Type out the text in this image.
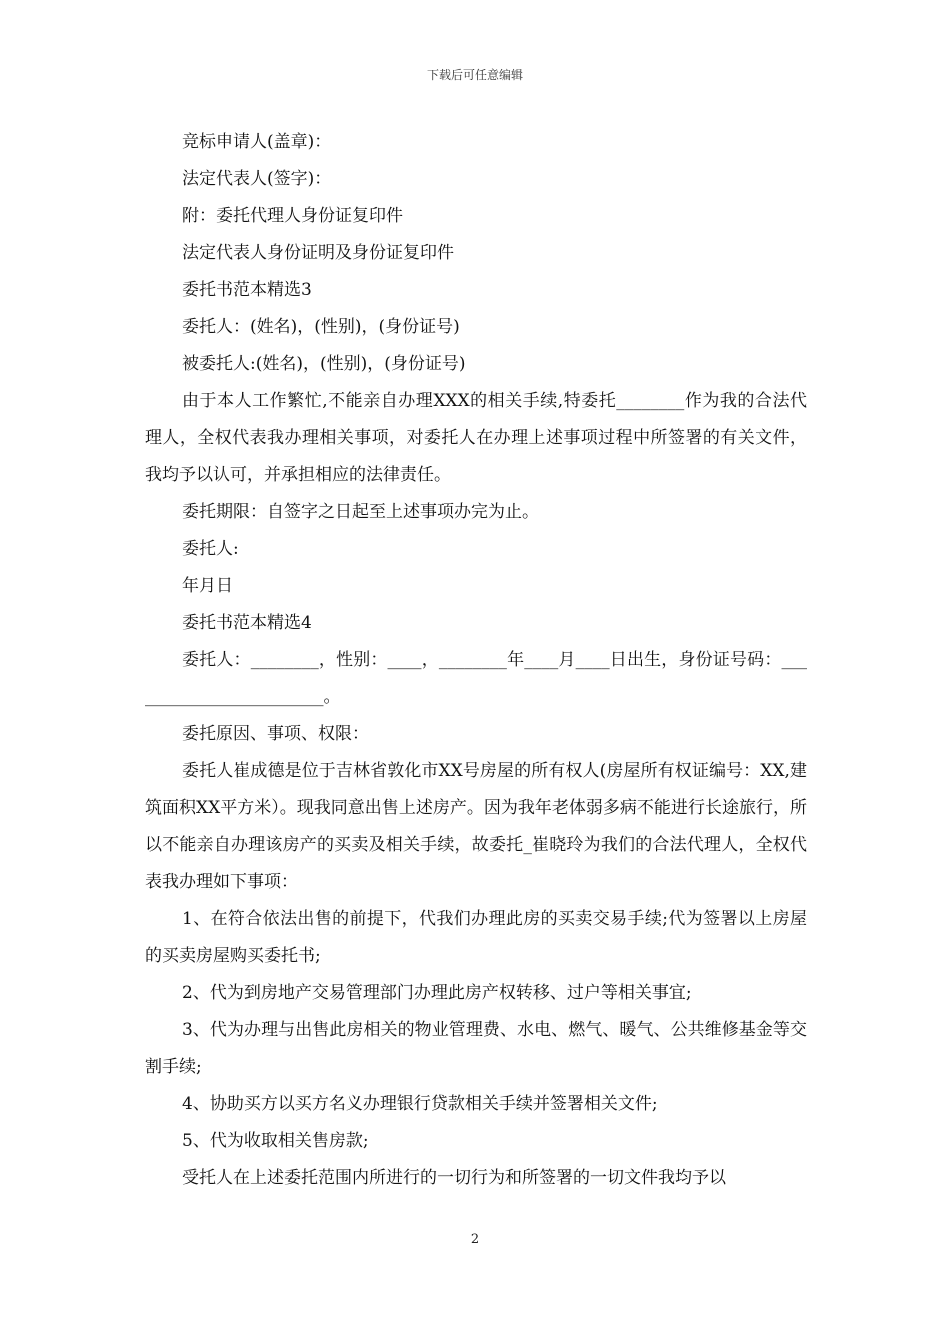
下载后可任意编辑

竞标申请人(盖章)：

法定代表人(签字)：

附：委托代理人身份证复印件

法定代表人身份证明及身份证复印件

委托书范本精选3

委托人：(姓名)，(性别)，(身份证号)

被委托人:(姓名)，(性别)，(身份证号)

由于本人工作繁忙,不能亲自办理XXX的相关手续,特委托________作为我的合法代理人，全权代表我办理相关事项，对委托人在办理上述事项过程中所签署的有关文件，我均予以认可，并承担相应的法律责任。

委托期限：自签字之日起至上述事项办完为止。

委托人:

年月日

委托书范本精选4

委托人：________，性别：____，________年____月____日出生，身份证号码：________________________。

委托原因、事项、权限：

委托人崔成德是位于吉林省敦化市XX号房屋的所有权人(房屋所有权证编号：XX,建筑面积XX平方米）。现我同意出售上述房产。因为我年老体弱多病不能进行长途旅行，所以不能亲自办理该房产的买卖及相关手续，故委托_崔晓玲为我们的合法代理人，全权代表我办理如下事项：

1、在符合依法出售的前提下，代我们办理此房的买卖交易手续;代为签署以上房屋的买卖房屋购买委托书;

2、代为到房地产交易管理部门办理此房产权转移、过户等相关事宜;

3、代为办理与出售此房相关的物业管理费、水电、燃气、暖气、公共维修基金等交割手续;

4、协助买方以买方名义办理银行贷款相关手续并签署相关文件;

5、代为收取相关售房款;

受托人在上述委托范围内所进行的一切行为和所签署的一切文件我均予以

2
